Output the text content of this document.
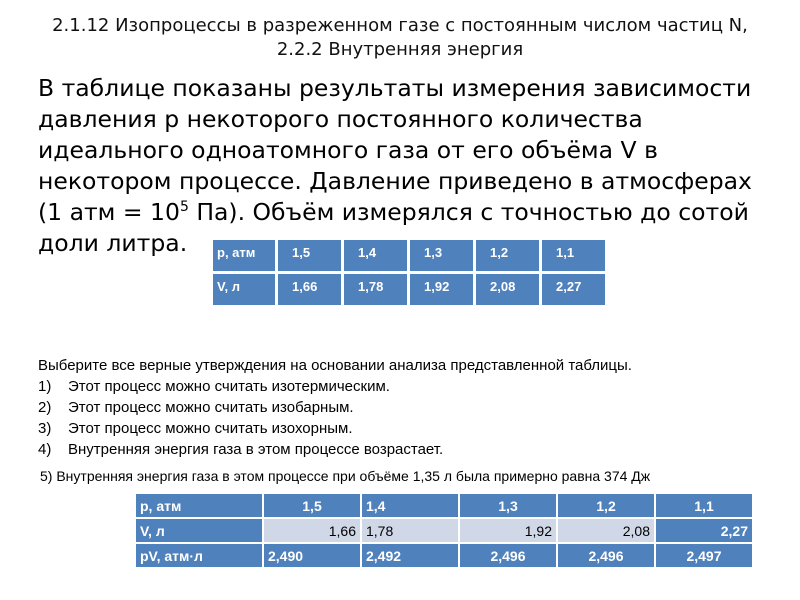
2.1.12 Изопроцессы в разреженном газе с постоянным числом частиц N,
2.2.2 Внутренняя энергия
В таблице показаны результаты измерения зависимости давления p некоторого постоянного количества идеального одноатомного газа от его объёма V в некотором процессе. Давление приведено в атмосферах (1 атм = $10^5$ Па). Объём измерялся с точностью до сотой доли литра.	p, атм	1,5	1,4	1,3	1,2	1,1
V, л	1,66	1,78	1,92	2,08	2,27
Выберите все верные утверждения на основании анализа представленной таблицы.
1)	Этот процесс можно считать изотермическим.
2)	Этот процесс можно считать изобарным.
3)	Этот процесс можно считать изохорным.
4)	Внутренняя энергия газа в этом процессе возрастает.
5) Внутренняя энергия газа в этом процессе при объёме 1,35 л была примерно равна 374 Дж
p, атм	1,5	1,4	1,3	1,2	1,1
V, л	1,66	1,78	1,92	2,08	2,27
pV, атм·л	2,490	2,492	2,496	2,496	2,497
